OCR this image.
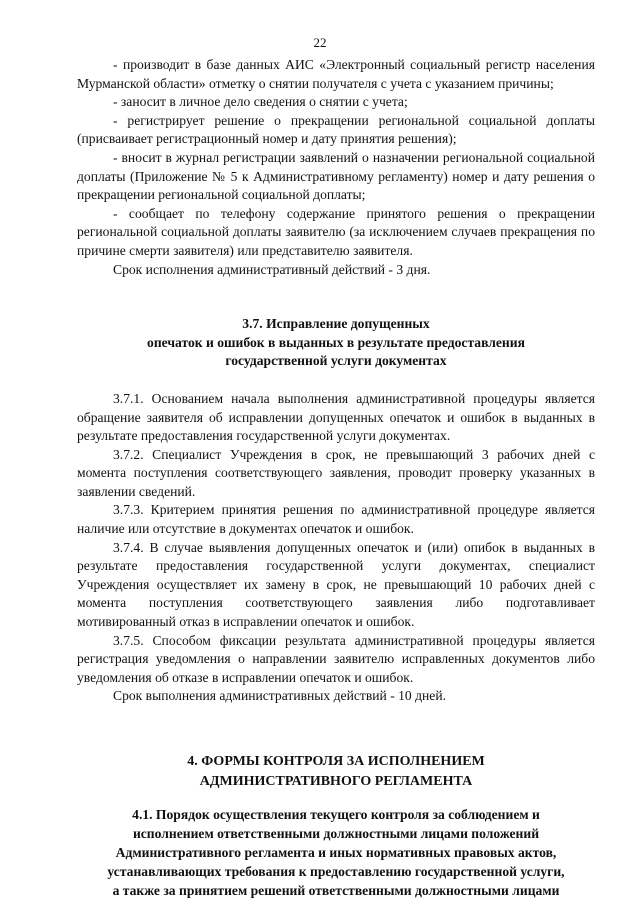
22

- производит в базе данных АИС «Электронный социальный регистр населения Мурманской области» отметку о снятии получателя с учета с указанием причины;

- заносит в личное дело сведения о снятии с учета;

- регистрирует решение о прекращении региональной социальной доплаты (присваивает регистрационный номер и дату принятия решения);

- вносит в журнал регистрации заявлений о назначении региональной социальной доплаты (Приложение № 5 к Административному регламенту) номер и дату решения о прекращении региональной социальной доплаты;

- сообщает по телефону содержание принятого решения о прекращении региональной социальной доплаты заявителю (за исключением случаев прекращения по причине смерти заявителя) или представителю заявителя.

Срок исполнения административный действий - 3 дня.

3.7. Исправление допущенных

опечаток и ошибок в выданных в результате предоставления

государственной услуги документах

3.7.1. Основанием начала выполнения административной процедуры является обращение заявителя об исправлении допущенных опечаток и ошибок в выданных в результате предоставления государственной услуги документах.

3.7.2. Специалист Учреждения в срок, не превышающий 3 рабочих дней с момента поступления соответствующего заявления, проводит проверку указанных в заявлении сведений.

3.7.3. Критерием принятия решения по административной процедуре является наличие или отсутствие в документах опечаток и ошибок.

3.7.4. В случае выявления допущенных опечаток и (или) опибок в выданных в результате предоставления государственной услуги документах, специалист Учреждения осуществляет их замену в срок, не превышающий 10 рабочих дней с момента поступления соответствующего заявления либо подготавливает мотивированный отказ в исправлении опечаток и ошибок.

3.7.5. Способом фиксации результата административной процедуры является регистрация уведомления о направлении заявителю исправленных документов либо уведомления об отказе в исправлении опечаток и ошибок.

Срок выполнения административных действий - 10 дней.

4. ФОРМЫ КОНТРОЛЯ ЗА ИСПОЛНЕНИЕМ

АДМИНИСТРАТИВНОГО РЕГЛАМЕНТА

4.1. Порядок осуществления текущего контроля за соблюдением и

исполнением ответственными должностными лицами положений

Административного регламента и иных нормативных правовых актов,

устанавливающих требования к предоставлению государственной услуги,

а также за принятием решений ответственными должностными лицами
